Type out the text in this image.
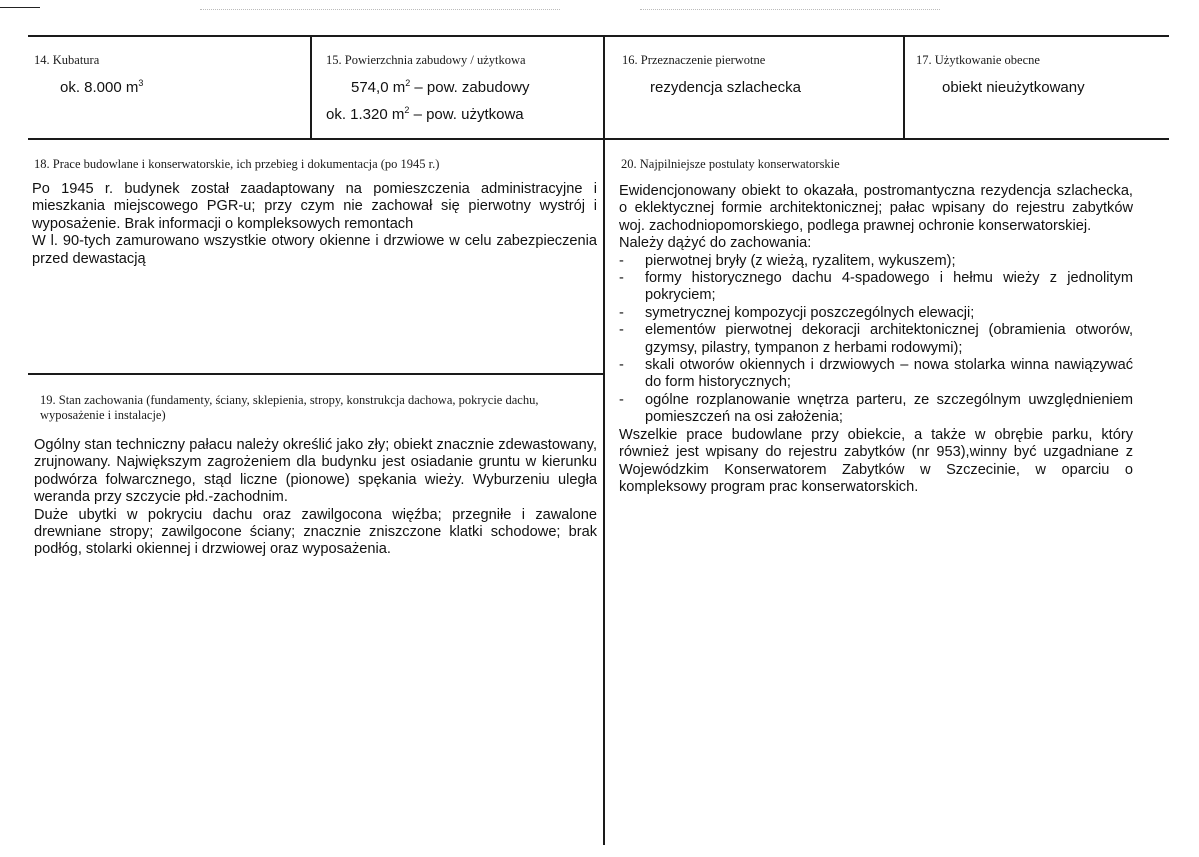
14. Kubatura
ok. 8.000 $m^3$
15. Powierzchnia zabudowy / użytkowa
574,0 $m^2$ – pow. zabudowy
ok. 1.320 $m^2$ – pow. użytkowa
16. Przeznaczenie pierwotne
rezydencja szlachecka
17. Użytkowanie obecne
obiekt nieużytkowany
18. Prace budowlane i konserwatorskie, ich przebieg i dokumentacja (po 1945 r.)

Po 1945 r. budynek został zaadaptowany na pomieszczenia administracyjne i mieszkania miejscowego PGR-u; przy czym nie zachował się pierwotny wystrój i wyposażenie. Brak informacji o kompleksowych remontach

W l. 90-tych zamurowano wszystkie otwory okienne i drzwiowe w celu zabezpieczenia przed dewastacją

19. Stan zachowania (fundamenty, ściany, sklepienia, stropy, konstrukcja dachowa, pokrycie dachu, wyposażenie i instalacje)

Ogólny stan techniczny pałacu należy określić jako zły; obiekt znacznie zdewastowany, zrujnowany. Największym zagrożeniem dla budynku jest osiadanie gruntu w kierunku podwórza folwarcznego, stąd liczne (pionowe) spękania wieży. Wyburzeniu uległa weranda przy szczycie płd.-zachodnim.

Duże ubytki w pokryciu dachu oraz zawilgocona więźba; przegniłe i zawalone drewniane stropy; zawilgocone ściany; znacznie zniszczone klatki schodowe; brak podłóg, stolarki okiennej i drzwiowej oraz wyposażenia.

20. Najpilniejsze postulaty konserwatorskie

Ewidencjonowany obiekt to okazała, postromantyczna rezydencja szlachecka, o eklektycznej formie architektonicznej; pałac wpisany do rejestru zabytków woj. zachodniopomorskiego, podlega prawnej ochronie konserwatorskiej.

Należy dążyć do zachowania:

- pierwotnej bryły (z wieżą, ryzalitem, wykuszem);
- formy historycznego dachu 4-spadowego i hełmu wieży z jednolitym pokryciem;
- symetrycznej kompozycji poszczególnych elewacji;
- elementów pierwotnej dekoracji architektonicznej (obramienia otworów, gzymsy, pilastry, tympanon z herbami rodowymi);
- skali otworów okiennych i drzwiowych – nowa stolarka winna nawiązywać do form historycznych;
- ogólne rozplanowanie wnętrza parteru, ze szczególnym uwzględnieniem pomieszczeń na osi założenia;

Wszelkie prace budowlane przy obiekcie, a także w obrębie parku, który również jest wpisany do rejestru zabytków (nr 953),winny być uzgadniane z Wojewódzkim Konserwatorem Zabytków w Szczecinie, w oparciu o kompleksowy program prac konserwatorskich.
